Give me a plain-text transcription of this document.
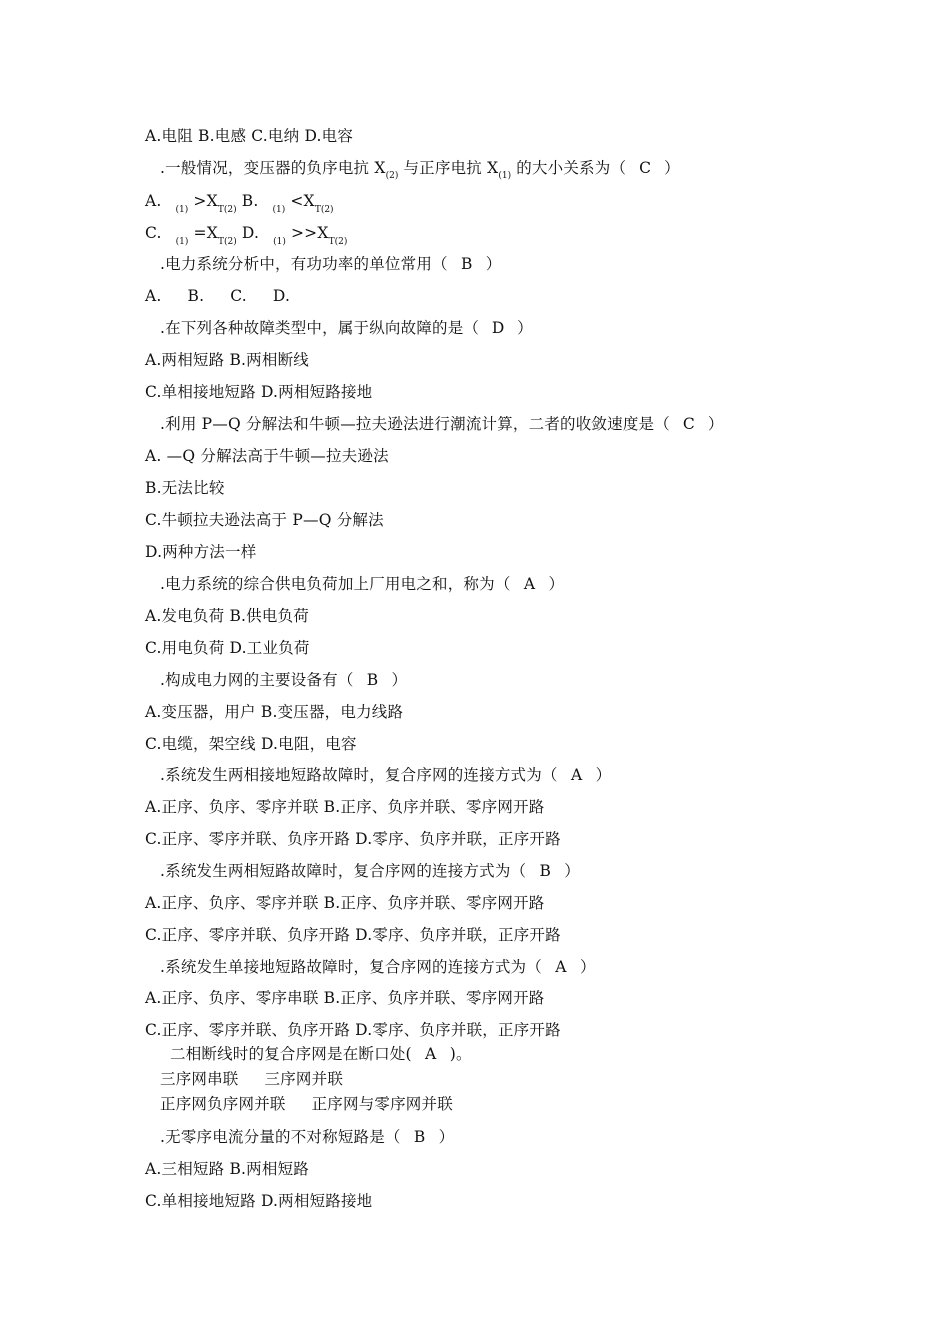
A.电阻 B.电感 C.电纳 D.电容
.一般情况，变压器的负序电抗 $X_{(2)}$ 与正序电抗 $X_{(1)}$ 的大小关系为（ C ）
A. $_{(1)} >X_{T(2)}$ B. $_{(1)} <X_{T(2)}$
C. $_{(1)} =X_{T(2)}$ D. $_{(1)} >>X_{T(2)}$
.电力系统分析中，有功功率的单位常用（ B ）
A. B. C. D.
.在下列各种故障类型中，属于纵向故障的是（ D ）
A.两相短路 B.两相断线
C.单相接地短路 D.两相短路接地
.利用 P—Q 分解法和牛顿—拉夫逊法进行潮流计算，二者的收敛速度是（ C ）
A. —Q 分解法高于牛顿—拉夫逊法
B.无法比较
C.牛顿拉夫逊法高于 P—Q 分解法
D.两种方法一样
.电力系统的综合供电负荷加上厂用电之和，称为（ A ）
A.发电负荷 B.供电负荷
C.用电负荷 D.工业负荷
.构成电力网的主要设备有（ B ）
A.变压器，用户 B.变压器，电力线路
C.电缆，架空线 D.电阻，电容
.系统发生两相接地短路故障时，复合序网的连接方式为（ A ）
A.正序、负序、零序并联 B.正序、负序并联、零序网开路
C.正序、零序并联、负序开路 D.零序、负序并联，正序开路
.系统发生两相短路故障时，复合序网的连接方式为（ B ）
A.正序、负序、零序并联 B.正序、负序并联、零序网开路
C.正序、零序并联、负序开路 D.零序、负序并联，正序开路
.系统发生单接地短路故障时，复合序网的连接方式为（ A ）
A.正序、负序、零序串联 B.正序、负序并联、零序网开路
C.正序、零序并联、负序开路 D.零序、负序并联，正序开路
二相断线时的复合序网是在断口处( A )。
三序网串联 三序网并联
正序网负序网并联 正序网与零序网并联
.无零序电流分量的不对称短路是（ B ）
A.三相短路 B.两相短路
C.单相接地短路 D.两相短路接地
